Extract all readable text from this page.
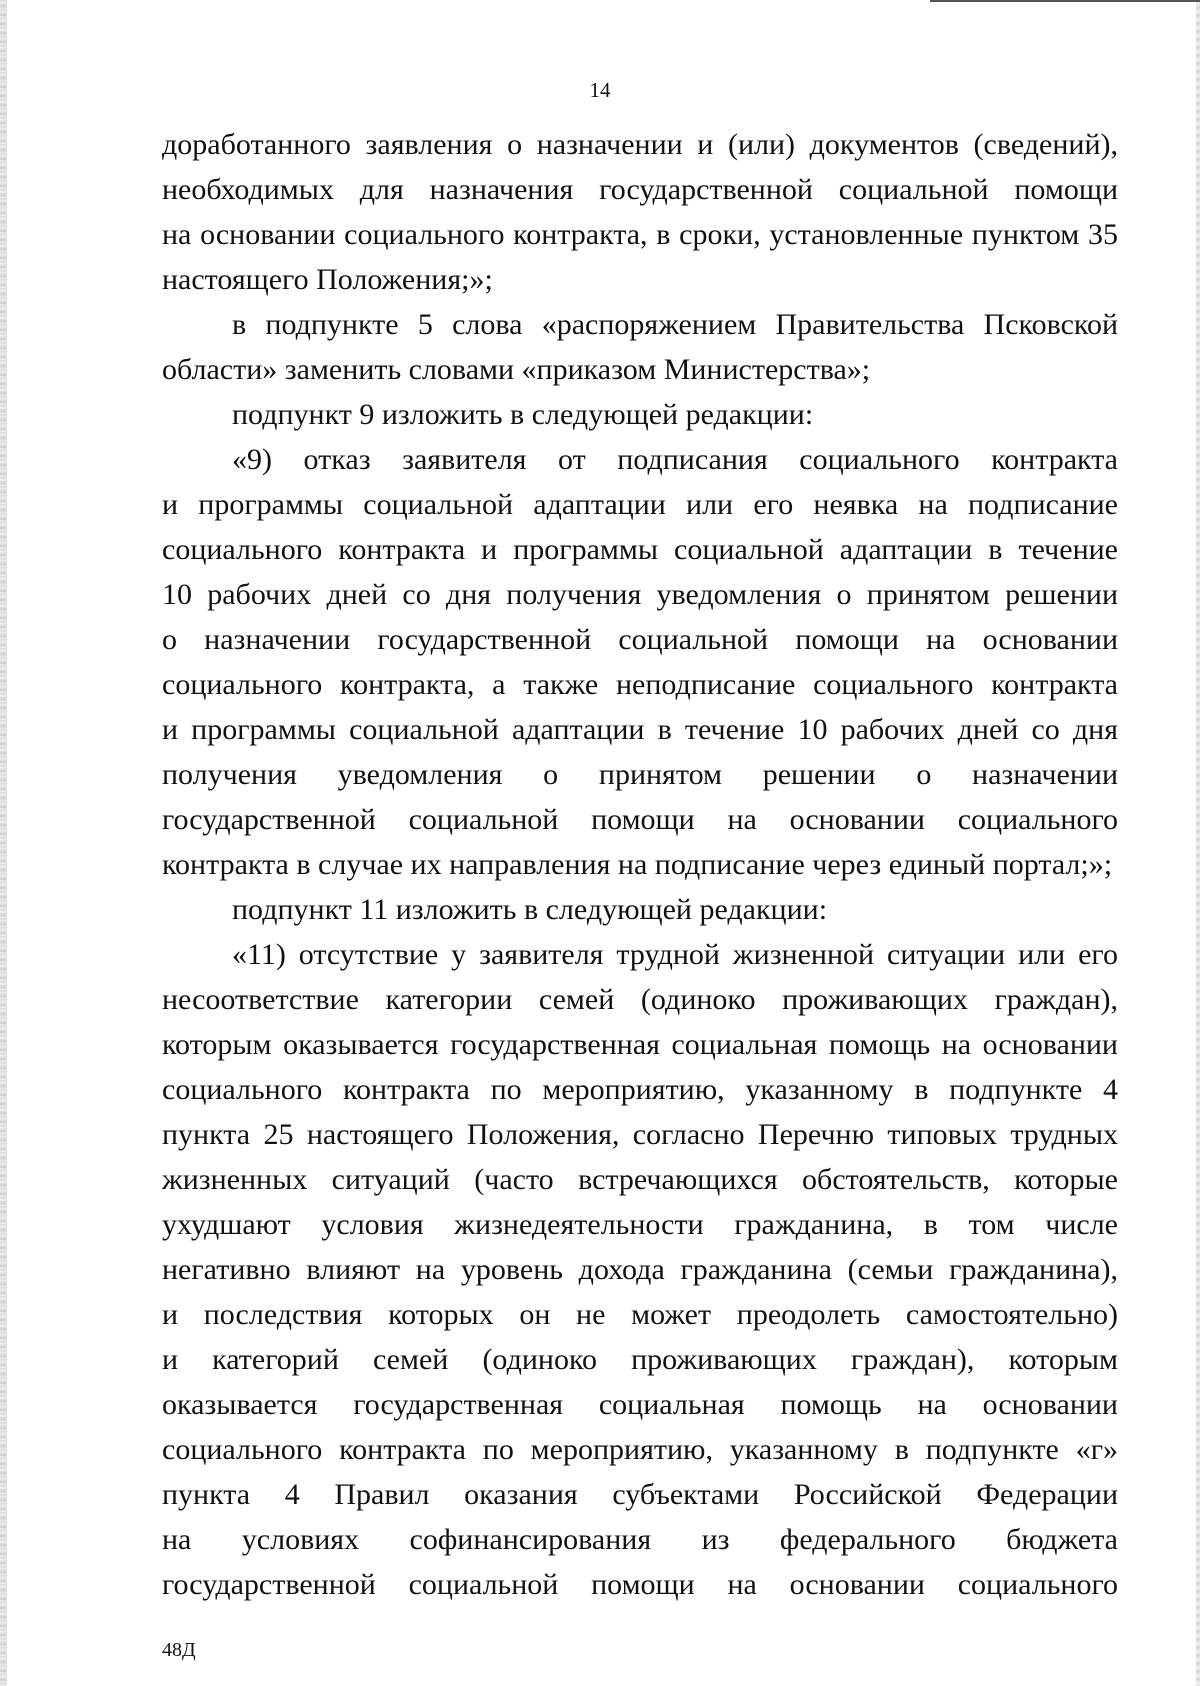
14
доработанного заявления о назначении и (или) документов (сведений),
необходимых для назначения государственной социальной помощи
на основании социального контракта, в сроки, установленные пунктом 35
настоящего Положения;»;
в подпункте 5 слова «распоряжением Правительства Псковской
области» заменить словами «приказом Министерства»;
подпункт 9 изложить в следующей редакции:
«9) отказ заявителя от подписания социального контракта
и программы социальной адаптации или его неявка на подписание
социального контракта и программы социальной адаптации в течение
10 рабочих дней со дня получения уведомления о принятом решении
о назначении государственной социальной помощи на основании
социального контракта, а также неподписание социального контракта
и программы социальной адаптации в течение 10 рабочих дней со дня
получения уведомления о принятом решении о назначении
государственной социальной помощи на основании социального
контракта в случае их направления на подписание через единый портал;»;
подпункт 11 изложить в следующей редакции:
«11) отсутствие у заявителя трудной жизненной ситуации или его
несоответствие категории семей (одиноко проживающих граждан),
которым оказывается государственная социальная помощь на основании
социального контракта по мероприятию, указанному в подпункте 4
пункта 25 настоящего Положения, согласно Перечню типовых трудных
жизненных ситуаций (часто встречающихся обстоятельств, которые
ухудшают условия жизнедеятельности гражданина, в том числе
негативно влияют на уровень дохода гражданина (семьи гражданина),
и последствия которых он не может преодолеть самостоятельно)
и категорий семей (одиноко проживающих граждан), которым
оказывается государственная социальная помощь на основании
социального контракта по мероприятию, указанному в подпункте «г»
пункта 4 Правил оказания субъектами Российской Федерации
на условиях софинансирования из федерального бюджета
государственной социальной помощи на основании социального
48Д
